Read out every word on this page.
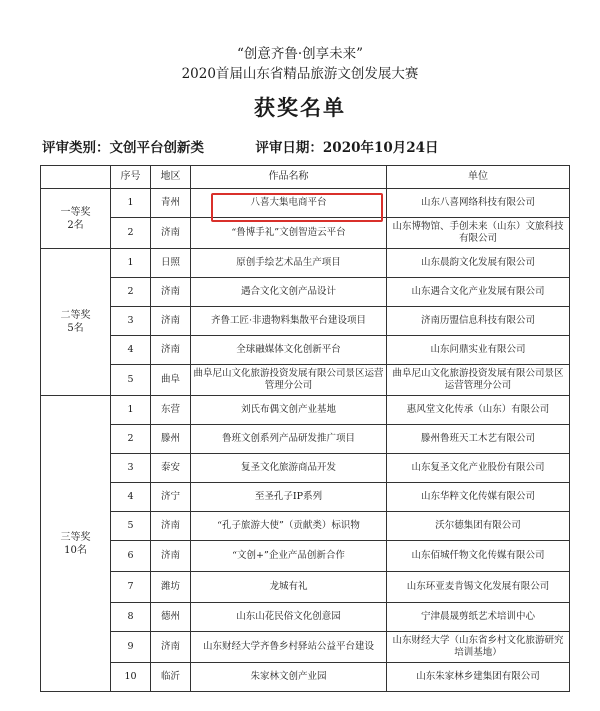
“创意齐鲁·创享未来”
2020首届山东省精品旅游文创发展大赛
获奖名单
评审类别：文创平台创新类	评审日期：2020年10月24日
	序号	地区	作品名称	单位

一等奖
2名	1	青州	八喜大集电商平台	山东八喜网络科技有限公司
	2	济南	“鲁博手礼”文创智造云平台	山东博物馆、手创未来（山东）文旅科技有限公司

二等奖
5名	1	日照	原创手绘艺术品生产项目	山东晨韵文化发展有限公司
	2	济南	遇合文化文创产品设计	山东遇合文化产业发展有限公司
	3	济南	齐鲁工匠·非遗物料集散平台建设项目	济南历盟信息科技有限公司
	4	济南	全球融媒体文化创新平台	山东问鼎实业有限公司
	5	曲阜	曲阜尼山文化旅游投资发展有限公司景区运营管理分公司	曲阜尼山文化旅游投资发展有限公司景区运营管理分公司

三等奖
10名	1	东营	刘氏布偶文创产业基地	惠风堂文化传承（山东）有限公司
	2	滕州	鲁班文创系列产品研发推广项目	滕州鲁班天工木艺有限公司
	3	泰安	复圣文化旅游商品开发	山东复圣文化产业股份有限公司
	4	济宁	至圣孔子IP系列	山东华粹文化传媒有限公司
	5	济南	“孔子旅游大使”（贡献类）标识物	沃尔德集团有限公司
	6	济南	“文创+”企业产品创新合作	山东佰城仟物文化传媒有限公司
	7	潍坊	龙城有礼	山东环亚麦肯锡文化发展有限公司
	8	德州	山东山花民俗文化创意园	宁津晨晟剪纸艺术培训中心
	9	济南	山东财经大学齐鲁乡村驿站公益平台建设	山东财经大学（山东省乡村文化旅游研究培训基地）
	10	临沂	朱家林文创产业园	山东朱家林乡建集团有限公司
